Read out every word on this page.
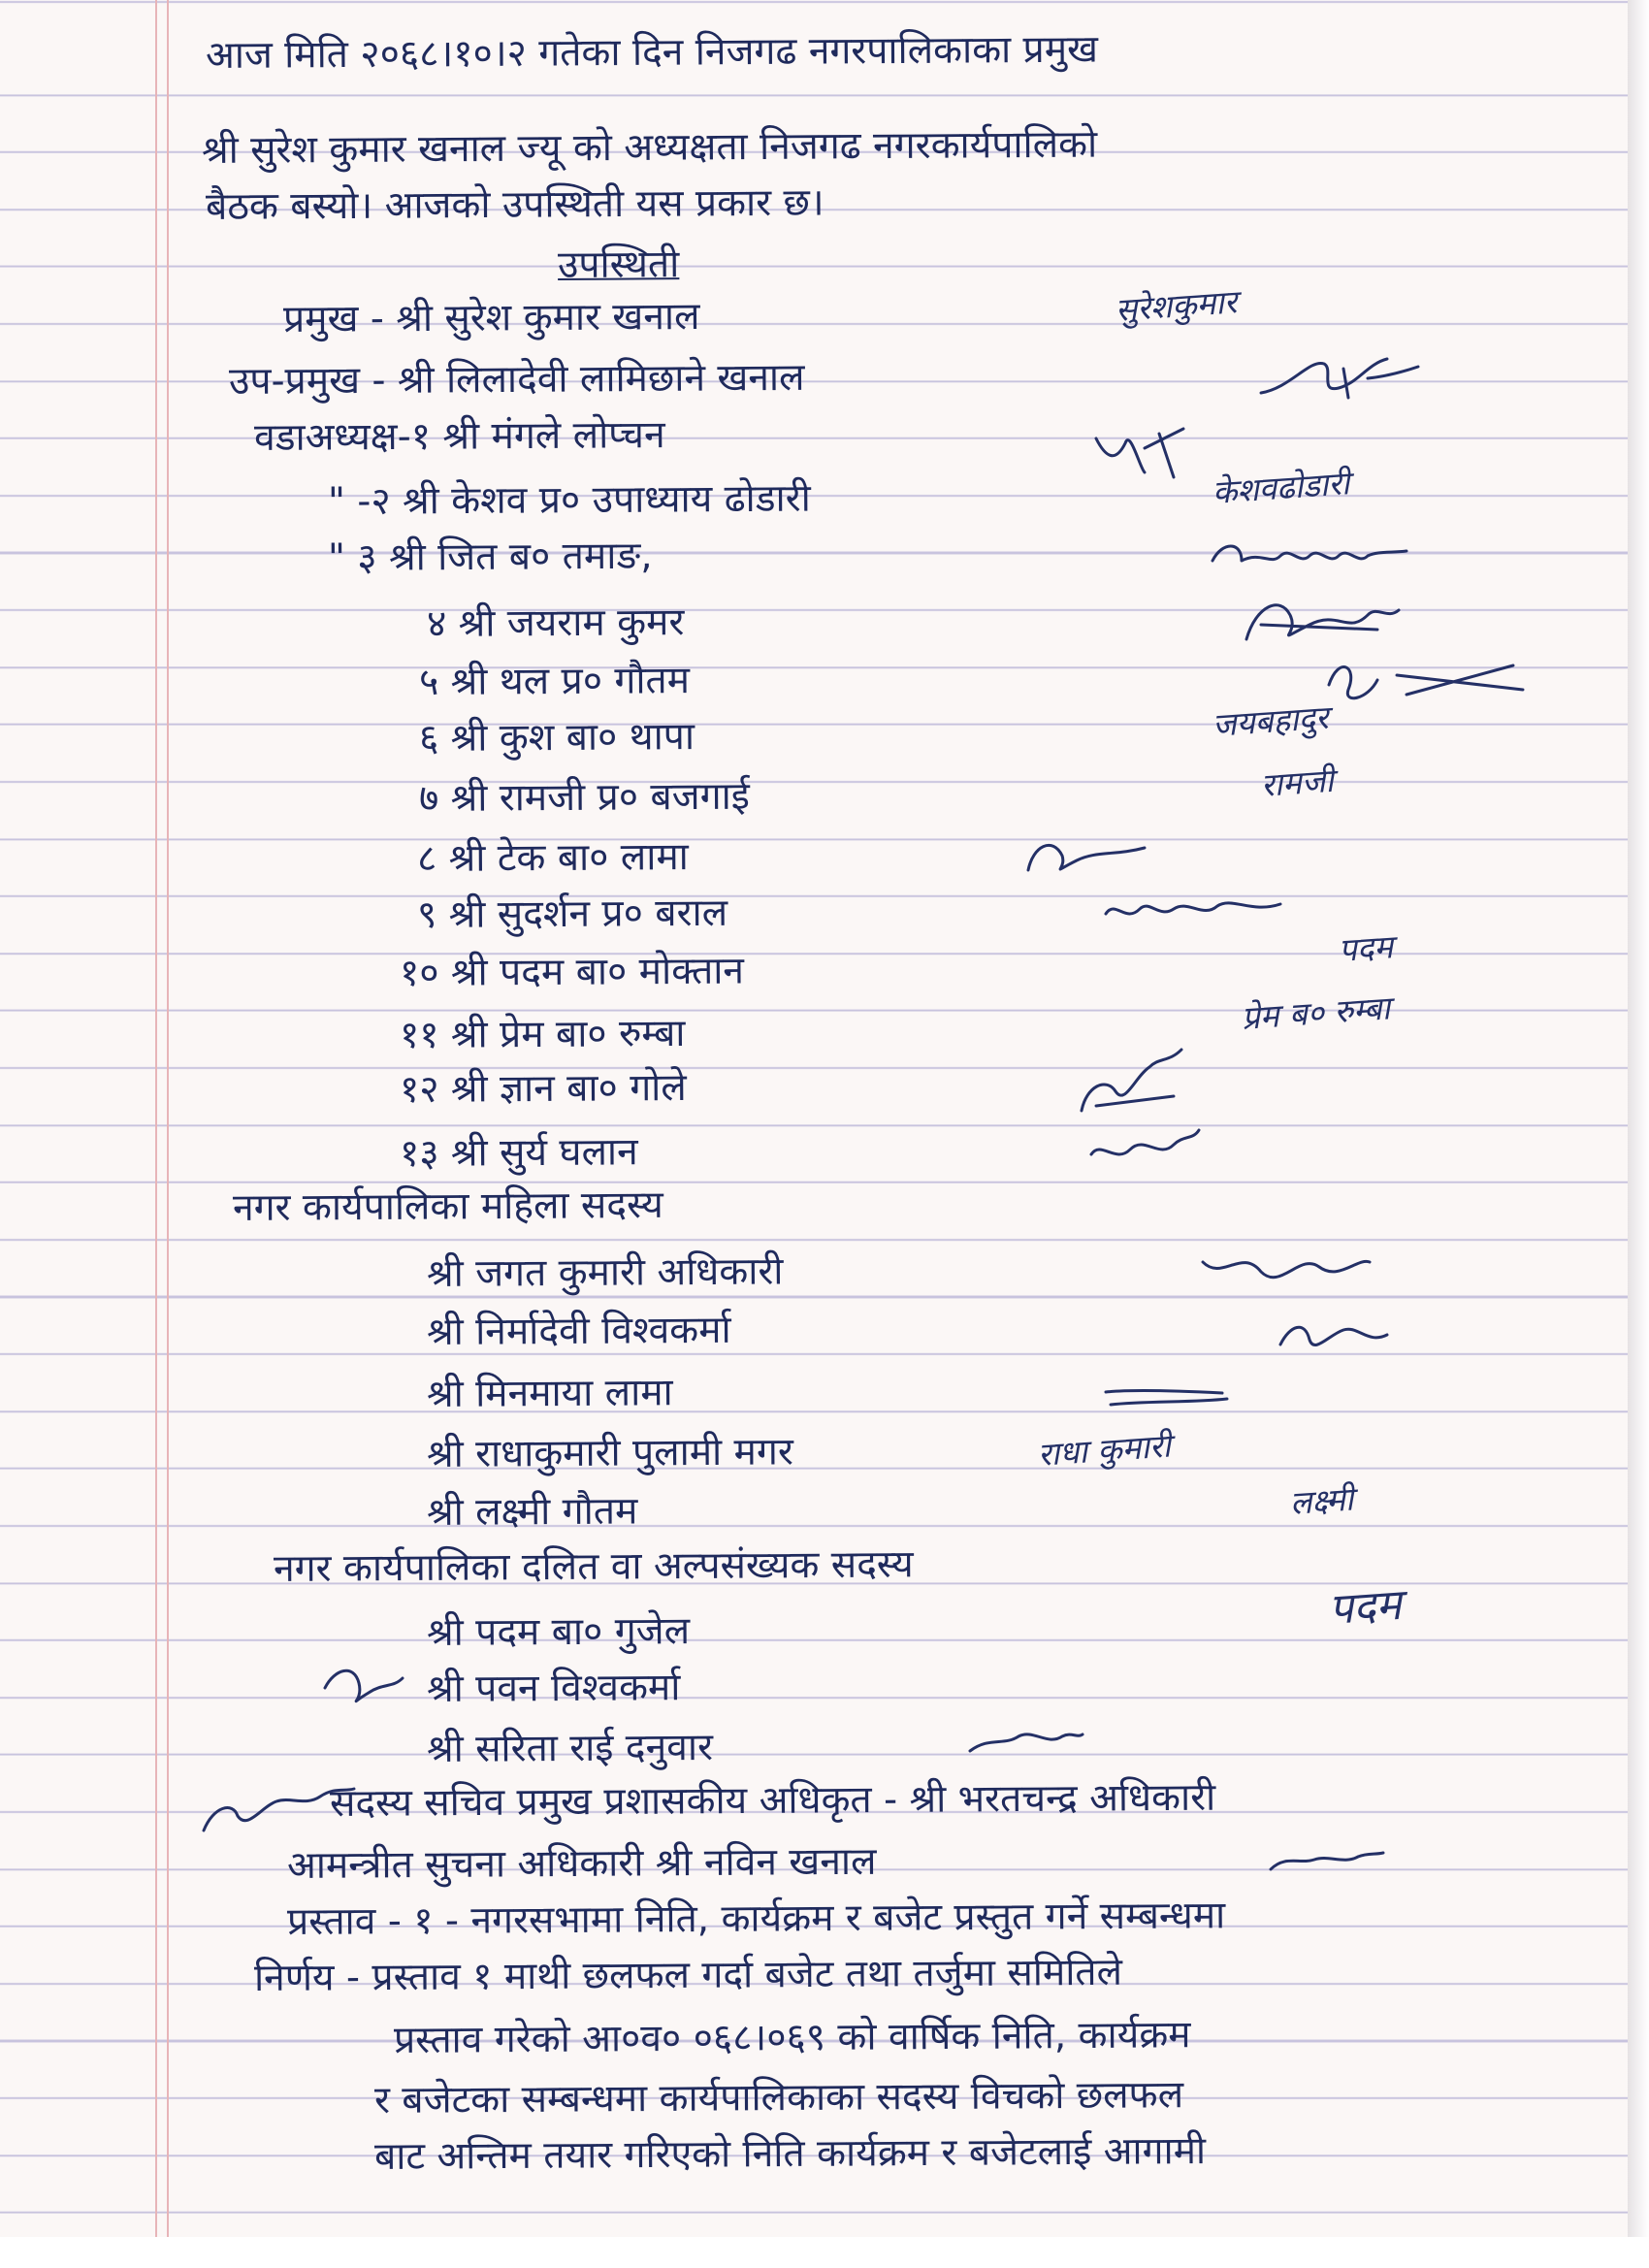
आज मिति २०६८।१०।२ गतेका दिन निजगढ नगरपालिकाका प्रमुख

श्री सुरेश कुमार खनाल ज्यू को अध्यक्षता निजगढ नगरकार्यपालिको

बैठक बस्यो। आजको उपस्थिती यस प्रकार छ।

उपस्थिती

प्रमुख - श्री सुरेश कुमार खनाल

उप-प्रमुख - श्री लिलादेवी लामिछाने खनाल

वडाअध्यक्ष-१ श्री मंगले लोप्चन

" -२ श्री केशव प्र० उपाध्याय ढोडारी

" ३ श्री जित ब० तमाङ,

४ श्री जयराम कुमर

५ श्री थल प्र० गौतम

६ श्री कुश बा० थापा

७ श्री रामजी प्र० बजगाई

८ श्री टेक बा० लामा

९ श्री सुदर्शन प्र० बराल

१० श्री पदम बा० मोक्तान

११ श्री प्रेम बा० रुम्बा

१२ श्री ज्ञान बा० गोले

१३ श्री सुर्य घलान

नगर कार्यपालिका महिला सदस्य

श्री जगत कुमारी अधिकारी

श्री निर्मादेवी विश्वकर्मा

श्री मिनमाया लामा

श्री राधाकुमारी पुलामी मगर

श्री लक्ष्मी गौतम

नगर कार्यपालिका दलित वा अल्पसंख्यक सदस्य

श्री पदम बा० गुजेल

श्री पवन विश्वकर्मा

श्री सरिता राई दनुवार

सदस्य सचिव प्रमुख प्रशासकीय अधिकृत - श्री भरतचन्द्र अधिकारी

आमन्त्रीत सुचना अधिकारी श्री नविन खनाल

प्रस्ताव - १ - नगरसभामा निति, कार्यक्रम र बजेट प्रस्तुत गर्ने सम्बन्धमा

निर्णय - प्रस्ताव १ माथी छलफल गर्दा बजेट तथा तर्जुमा समितिले

प्रस्ताव गरेको आ०व० ०६८।०६९ को वार्षिक निति, कार्यक्रम

र बजेटका सम्बन्धमा कार्यपालिकाका सदस्य विचको छलफल

बाट अन्तिम तयार गरिएको निति कार्यक्रम र बजेटलाई आगामी

सुरेशकुमार
केशवढोडारी
जयबहादुर
रामजी
पदम
प्रेम ब० रुम्बा
राधा कुमारी
लक्ष्मी
पदम
